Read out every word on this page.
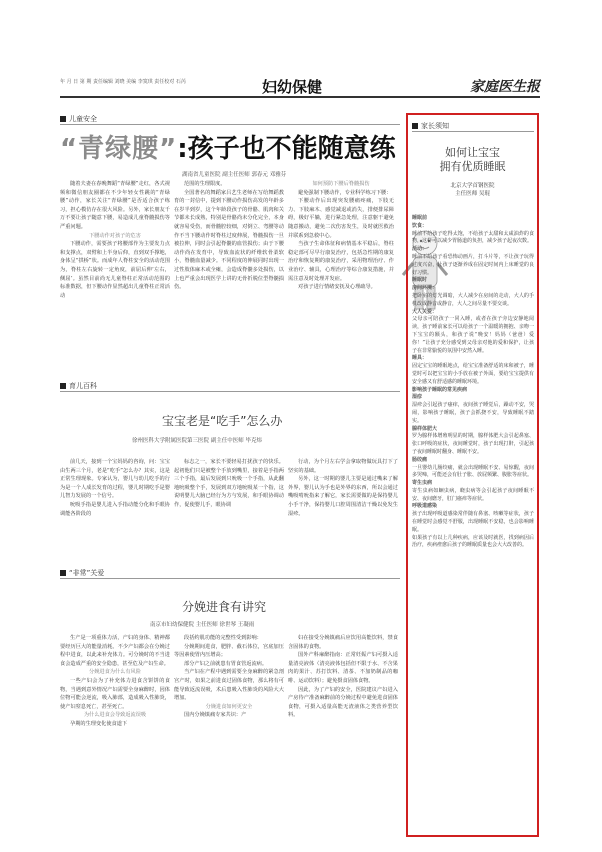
年 月 日 第 期 责任编辑 刘晓 美编 李寞琪 责任校对 石芮	妇幼保健	家庭医生报
儿童安全
“青绿腰”:孩子也不能随意练
湖南省儿童医院 副主任医师 郭春元 邓雅芬

随着夫妻在春晚舞蹈“青绿腰”走红，各式视频和微信朋友圈都在不少年轻女性跳的“青绿腰”动作，家长关注“青绿腰”是否适合孩子练习，担心模仿存在很大风险。另外，家长朋友千万不要让孩子随意下腰，易造成儿童脊髓损伤等严重问题。

下腰动作对孩子的危害

下腰动作，需要孩子将腰部作为主要发力点和支撑点，双臂和上半身后仰，直到双手撑地，身体呈“拱桥”状。而成年人脊柱安全的活动范围为，脊柱左右旋转一定角度，前屈后伸‘左右，侧屈’。虽然目前尚无儿童脊柱正常活动范围的标准数据，但下腰动作显然超出儿童脊柱正常活动

范围的生理限度。

全国著名的舞蹈家吕艺生老师在写给舞蹈教育的一封信中，提到下腰动作损伤高发的年龄多在岁半到岁，这个年龄段孩子的骨骼、肌肉和关节都未长成熟，特别是骨骼尚未分化完全，本身就容易受伤，而骨髓腔较细，对倒立、弯腰等动作不当下腰动作时脊柱过度伸展，脊髓损伤一旦被拉伸，同时会引起脊髓的血管损伤；由于下腰动作尚在发育中，导致血流状的纤维软骨柔软小，脊髓血量减少。不同程度的伸展同时出现一过性肢体麻木或全瘫，会造成脊髓多处损伤，以上也严重会出现医学上讲的无骨折脱位型脊髓损伤。

如何预防下腰后脊髓损伤

避免强制下腰动作，专业科学练习下腰：

下腰动作后出现突发腰痛疼痛，下肢无力、下肢麻木、感觉减退或消失，排便排尿障碍，极好平躺，进行紧急处理，注意躯干避免随意搬动，避免二次伤害发生，及时就医救治并联系到急救中心。

当孩子生命体征和病情基本平稳后，脊柱稳定部可尽早行康复治疗，包括急性期的康复治疗和恢复期的康复治疗，采用物理治疗、作业治疗、辅具，心理治疗等综合康复措施，并需注意及时处理并发症。

对孩子进行情绪安抚及心理疏导。

育儿百科
宝宝老是“吃手”怎么办
徐州医科大学附属医院第三医院 副主任中医师 毕克炜

前几天，接到一个宝妈妈的咨询，问：宝宝由生两三个月，老是“吃手”怎么办？其实，这是正常生理现象。专家认为，婴儿与幼儿吃手的行为是一个人成长发育的过程，婴儿时期吃手是婴儿智力发展的一个信号。

吮吸手指是婴儿进入手指动能分化和手眼协调能各阶段的

标志之一，家长不要轻易打扰孩子的快乐。起初他们只是被整个手放到嘴里，接着是手指两三个手指，最后发展到只吮吸一个手指，从此翻地吮吸整个手，发展到双方地吮吸某一个指，这说明婴儿大脑已经行为方与发展，和手眼协调动作，促使婴儿手，眼协调

行动，为个月左右学会拿取物做玩具打下了坚实的基础。

另外，这一时期的婴儿主要是通过嘴来了解外界，婴儿认为手也是外界的东西，所以会通过嘴吸啃吮指来了解它，家长需要做的是保持婴儿小手干净，保持婴儿口腔周围清洁干燥以免发生湿疹。

“非常”关爱
分娩进食有讲究
南京市妇幼保健院 主任医师 徐世琴 王凝雨

生产是一项重体力活，产妇的身体、精神都要经历巨大的能量消耗。不少产妇都会在分娩过程中进食，以此来补充体力。可分娩时的不当进食会造成严重的安全隐患，甚至危及产妇生命。

分娩进食为什么有风险

一些产妇会为了补充体力进食含饼饼的食物，当遇到意外情况产妇需要全身麻醉时，因体位物可能会逆流，吸入肺部，造成吸入性肺炎，使产妇窒息死亡，甚至死亡。

为什么进食会导致返流误吸

孕期的生理变化使食道下

段括约肌功能的完整性受到影响：

分娩期间进食，肥胖、截石体位，宫底加压等因素使胃内压增高；

部分产妇之前就患有胃食管返流病。

当产妇在产程中遇到需要全身麻醉的紧急剖宫产时，如果之前进食过固体食物，那么将有可能导致返流误吸，术后患吸入性肺炎的风险大大增加。

分娩进食如何更安全

国内分娩镇痛专家共识：产

妇在接受分娩镇痛后应饮用高能饮料，禁食含固体的食物。

国外产科麻醉指南：正常妊娠产妇可摄入适量清亮液体（清亮液体包括但不限于水、不含果肉的果汁、苏打饮料、清茶、不加奶制品的咖啡、运动饮料）；避免摄食固体食物。

因此，为了产妇的安全，医院建议产妇进入产房待产准备麻醉前的分娩过程中避免进食固体食物，可摄入适量高能无渣液体之类营养型饮料。

家长须知
如何让宝宝
拥有优质睡眠
北京大学首钢医院
主任医师 吴琨

睡眠前

饮食：

睡前不给孩子吃得太饱，不给孩子太甜和太咸油炸的食物，这样可以减少胃肠道的负担，减少孩子起夜次数。

活动：

睡前不给孩子看恐怖动画片，打斗片等，不让孩子玩得过度兴奋，让孩子逐渐养成在固定时间内上床睡觉的良好习惯。

睡眠时

房间环境：

把卧室的灯光调暗，大人减少在房间的走动，大人的手机改成静音或静音，大人之间尽量不要交谈。

大人关爱：

父母亲可陪孩子一同入睡，或者在孩子旁边安静地阅读，孩子睡前家长可以给孩子一个温暖的拥抱、亲吻一下宝宝的额头，和孩子说“晚安！妈妈（爸爸）爱你！”让孩子充分感受到父母亲对他的爱和保护，让孩子在非常愉悦的氛围中安然入睡。

睡具：

固定宝宝的睡眠地点，给宝宝准备舒适的床和被子，睡觉时可以把宝宝的小手放在被子外面，要给宝宝提供有安全感又有舒适感的睡眠环境。

影响孩子睡眠的常见疾病

湿疹

湿疹会引起孩子瘙痒，夜间孩子睡觉后，躁动不安，哭闹，影响孩子睡眠，孩子会抓挠不安，导致睡眠不踏实。

腺样体肥大

罗为腺样体增殖明显的时期，腺样体肥大会引起鼻塞、张口呼吸的症状，夜间睡觉时，孩子出现打鼾，引起孩子夜间睡眠时翻身、睡眠不安。

肠绞痛

一旦婴幼儿肠绞痛，就会出现睡眠不安、易惊醒，夜间多哭啼，可能还会有肚子胀、放屁频繁、腹胀等症状。

寄生虫病

寄生虫病如蛔虫病，蛲虫病等会引起孩子夜间睡眠不安、夜间磨牙，肛门瘙痒等症状。

呼吸道感染

孩子出现呼吸道感染常伴随有鼻塞、咳嗽等症状，孩子在睡觉时会感觉不舒服，出现睡眠不安稳，也会影响睡眠。

如果孩子有以上几种疾病，应该及时就医，找到病因后治疗，疾病痊愈后孩子的睡眠质量也会大大改善的。
